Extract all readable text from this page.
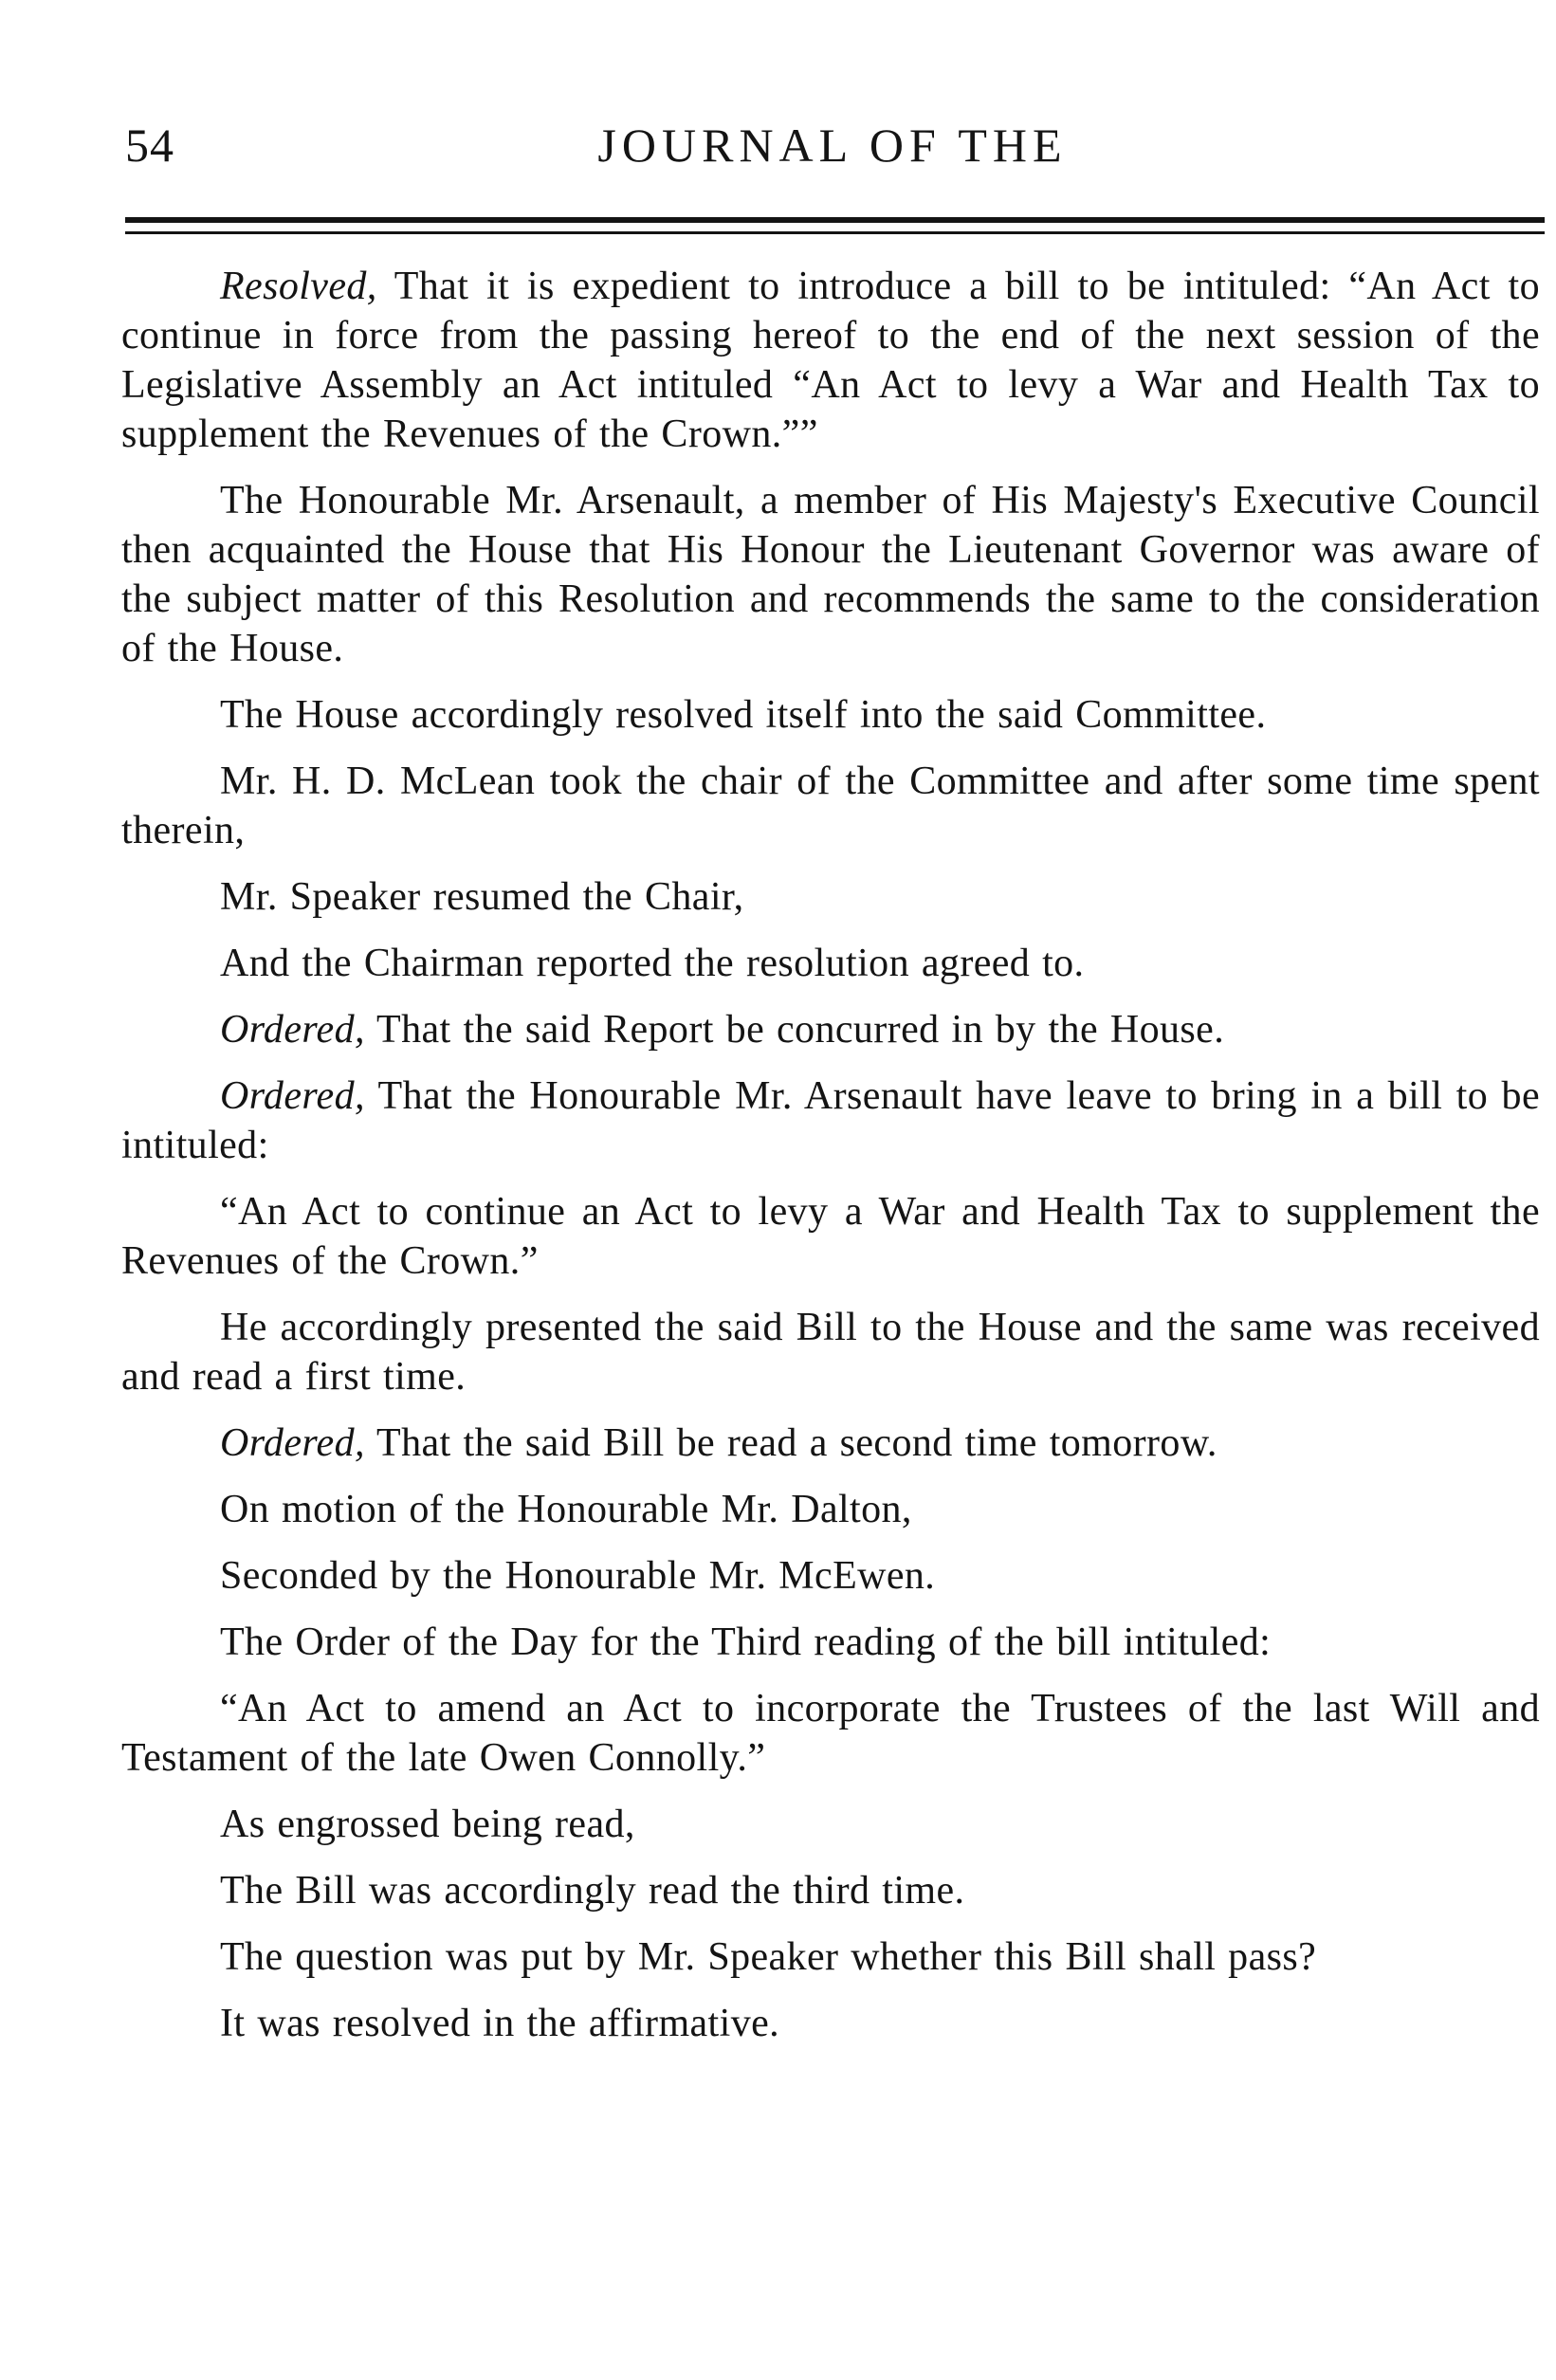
54	JOURNAL OF THE

Resolved, That it is expedient to introduce a bill to be intituled: “An Act to continue in force from the passing hereof to the end of the next session of the Legislative Assembly an Act intituled “An Act to levy a War and Health Tax to supplement the Revenues of the Crown.””

The Honourable Mr. Arsenault, a member of His Majesty's Executive Council then acquainted the House that His Honour the Lieutenant Governor was aware of the subject matter of this Resolution and recommends the same to the consideration of the House.

The House accordingly resolved itself into the said Committee.

Mr. H. D. McLean took the chair of the Committee and after some time spent therein,

Mr. Speaker resumed the Chair,

And the Chairman reported the resolution agreed to.

Ordered, That the said Report be concurred in by the House.

Ordered, That the Honourable Mr. Arsenault have leave to bring in a bill to be intituled:

“An Act to continue an Act to levy a War and Health Tax to supplement the Revenues of the Crown.”

He accordingly presented the said Bill to the House and the same was received and read a first time.

Ordered, That the said Bill be read a second time tomorrow.

On motion of the Honourable Mr. Dalton,

Seconded by the Honourable Mr. McEwen.

The Order of the Day for the Third reading of the bill intituled:

“An Act to amend an Act to incorporate the Trustees of the last Will and Testament of the late Owen Connolly.”

As engrossed being read,

The Bill was accordingly read the third time.

The question was put by Mr. Speaker whether this Bill shall pass?

It was resolved in the affirmative.
